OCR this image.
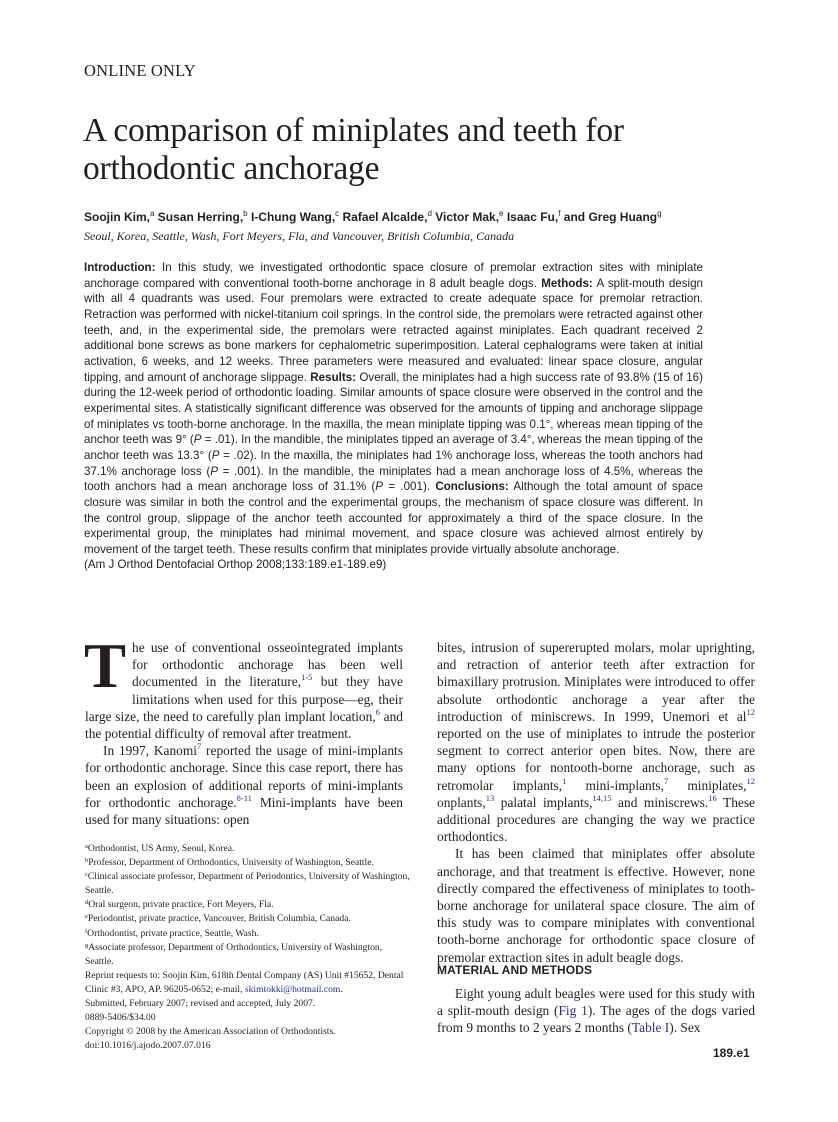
ONLINE ONLY
A comparison of miniplates and teeth for orthodontic anchorage
Soojin Kim,$^a$ Susan Herring,$^b$ I-Chung Wang,$^c$ Rafael Alcalde,$^d$ Victor Mak,$^e$ Isaac Fu,$^f$ and Greg Huang$^g$
Seoul, Korea, Seattle, Wash, Fort Meyers, Fla, and Vancouver, British Columbia, Canada
Introduction: In this study, we investigated orthodontic space closure of premolar extraction sites with miniplate anchorage compared with conventional tooth-borne anchorage in 8 adult beagle dogs. Methods: A split-mouth design with all 4 quadrants was used. Four premolars were extracted to create adequate space for premolar retraction. Retraction was performed with nickel-titanium coil springs. In the control side, the premolars were retracted against other teeth, and, in the experimental side, the premolars were retracted against miniplates. Each quadrant received 2 additional bone screws as bone markers for cephalometric superimposition. Lateral cephalograms were taken at initial activation, 6 weeks, and 12 weeks. Three parameters were measured and evaluated: linear space closure, angular tipping, and amount of anchorage slippage. Results: Overall, the miniplates had a high success rate of 93.8% (15 of 16) during the 12-week period of orthodontic loading. Similar amounts of space closure were observed in the control and the experimental sites. A statistically significant difference was observed for the amounts of tipping and anchorage slippage of miniplates vs tooth-borne anchorage. In the maxilla, the mean miniplate tipping was 0.1°, whereas mean tipping of the anchor teeth was 9° (P = .01). In the mandible, the miniplates tipped an average of 3.4°, whereas the mean tipping of the anchor teeth was 13.3° (P = .02). In the maxilla, the miniplates had 1% anchorage loss, whereas the tooth anchors had 37.1% anchorage loss (P = .001). In the mandible, the miniplates had a mean anchorage loss of 4.5%, whereas the tooth anchors had a mean anchorage loss of 31.1% (P = .001). Conclusions: Although the total amount of space closure was similar in both the control and the experimental groups, the mechanism of space closure was different. In the control group, slippage of the anchor teeth accounted for approximately a third of the space closure. In the experimental group, the miniplates had minimal movement, and space closure was achieved almost entirely by movement of the target teeth. These results confirm that miniplates provide virtually absolute anchorage.
(Am J Orthod Dentofacial Orthop 2008;133:189.e1-189.e9)

The use of conventional osseointegrated implants for orthodontic anchorage has been well documented in the literature,$^{1-5}$ but they have limitations when used for this purpose—eg, their large size, the need to carefully plan implant location,$^6$ and the potential difficulty of removal after treatment.

In 1997, Kanomi$^7$ reported the usage of mini-implants for orthodontic anchorage. Since this case report, there has been an explosion of additional reports of mini-implants for orthodontic anchorage.$^{8-11}$ Mini-implants have been used for many situations: open

$^a$Orthodontist, US Army, Seoul, Korea.
$^b$Professor, Department of Orthodontics, University of Washington, Seattle.
$^c$Clinical associate professor, Department of Periodontics, University of Washington, Seattle.
$^d$Oral surgeon, private practice, Fort Meyers, Fla.
$^e$Periodontist, private practice, Vancouver, British Columbia, Canada.
$^f$Orthodontist, private practice, Seattle, Wash.
$^g$Associate professor, Department of Orthodontics, University of Washington, Seattle.
Reprint requests to: Soojin Kim, 618th Dental Company (AS) Unit #15652, Dental Clinic #3, APO, AP. 96205-0652; e-mail, skimtokki@hotmail.com.
Submitted, February 2007; revised and accepted, July 2007.
0889-5406/$34.00
Copyright © 2008 by the American Association of Orthodontists.
doi:10.1016/j.ajodo.2007.07.016

bites, intrusion of supererupted molars, molar uprighting, and retraction of anterior teeth after extraction for bimaxillary protrusion. Miniplates were introduced to offer absolute orthodontic anchorage a year after the introduction of miniscrews. In 1999, Unemori et al$^{12}$ reported on the use of miniplates to intrude the posterior segment to correct anterior open bites. Now, there are many options for nontooth-borne anchorage, such as retromolar implants,$^1$ mini-implants,$^7$ miniplates,$^{12}$ onplants,$^{13}$ palatal implants,$^{14,15}$ and miniscrews.$^{16}$ These additional procedures are changing the way we practice orthodontics.

It has been claimed that miniplates offer absolute anchorage, and that treatment is effective. However, none directly compared the effectiveness of miniplates to tooth-borne anchorage for unilateral space closure. The aim of this study was to compare miniplates with conventional tooth-borne anchorage for orthodontic space closure of premolar extraction sites in adult beagle dogs.

MATERIAL AND METHODS

Eight young adult beagles were used for this study with a split-mouth design (Fig 1). The ages of the dogs varied from 9 months to 2 years 2 months (Table I). Sex

189.e1
